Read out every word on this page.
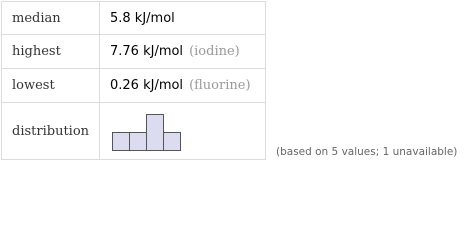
median	5.8 kJ/mol
highest	7.76 kJ/mol (iodine)
lowest	0.26 kJ/mol (fluorine)
distribution	
(based on 5 values; 1 unavailable)
